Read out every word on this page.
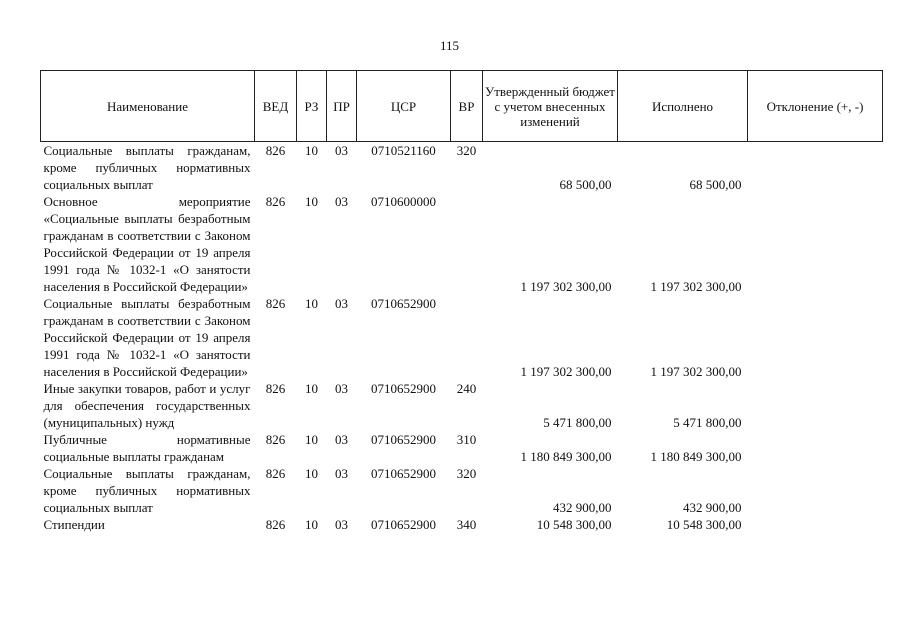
115
Наименование	ВЕД	РЗ	ПР	ЦСР	ВР	Утвержденный бюджет с учетом внесенных изменений	Исполнено	Отклонение (+, -)
Социальные выплаты гражданам, кроме публичных нормативных социальных выплат	826	10	03	0710521160	320	68 500,00	68 500,00	
Основное мероприятие «Социальные выплаты безработным гражданам в соответствии с Законом Российской Федерации от 19 апреля 1991 года № 1032-1 «О занятости населения в Российской Федерации»	826	10	03	0710600000		1 197 302 300,00	1 197 302 300,00	
Социальные выплаты безработным гражданам в соответствии с Законом Российской Федерации от 19 апреля 1991 года № 1032-1 «О занятости населения в Российской Федерации»	826	10	03	0710652900		1 197 302 300,00	1 197 302 300,00	
Иные закупки товаров, работ и услуг для обеспечения государственных (муниципальных) нужд	826	10	03	0710652900	240	5 471 800,00	5 471 800,00	
Публичные нормативные социальные выплаты гражданам	826	10	03	0710652900	310	1 180 849 300,00	1 180 849 300,00	
Социальные выплаты гражданам, кроме публичных нормативных социальных выплат	826	10	03	0710652900	320	432 900,00	432 900,00	
Стипендии	826	10	03	0710652900	340	10 548 300,00	10 548 300,00	
